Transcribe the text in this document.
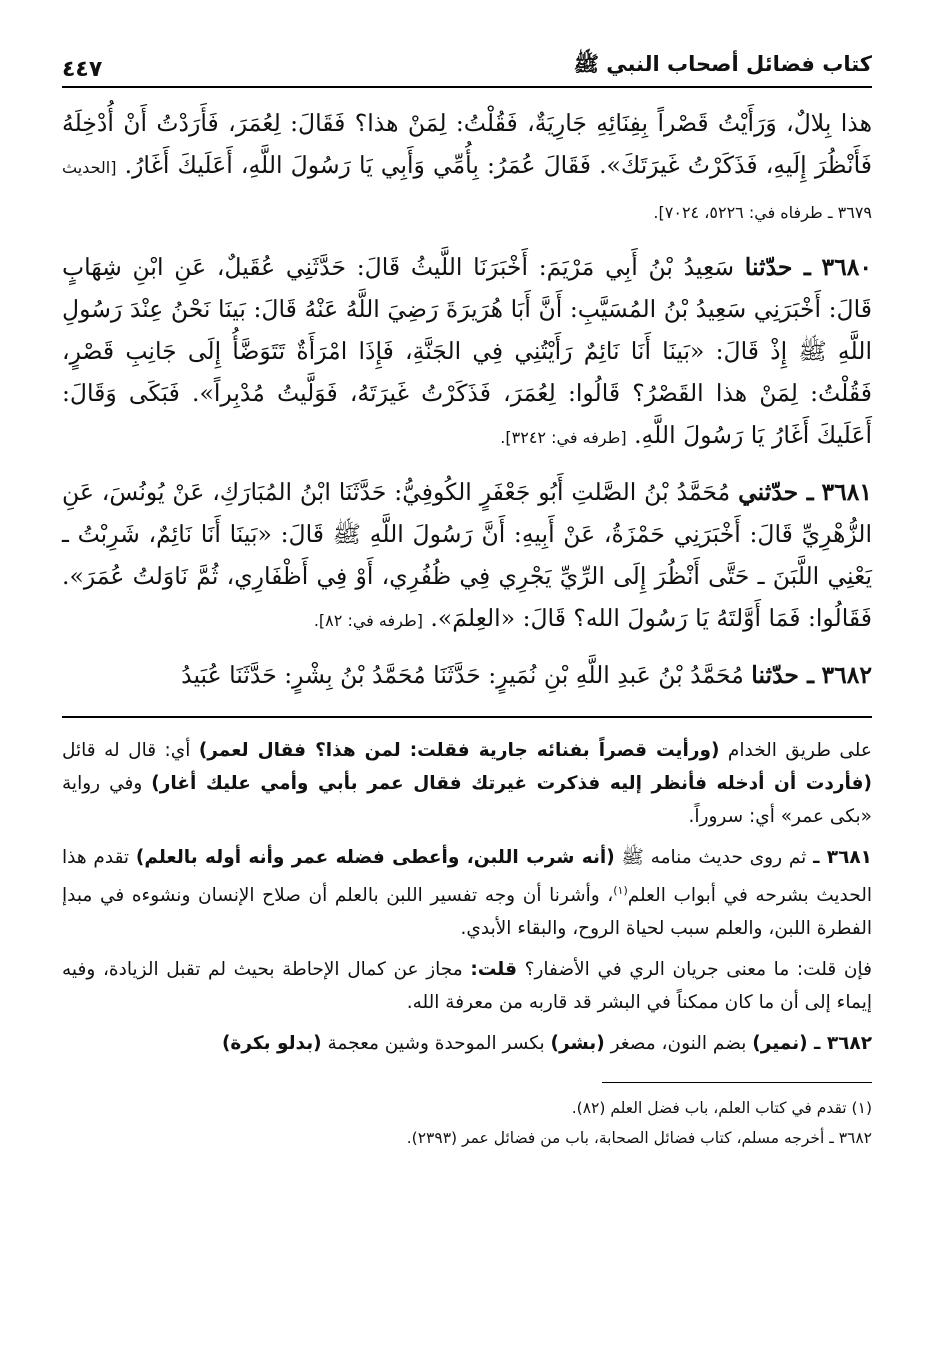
كتاب فضائل أصحاب النبي ﷺ
٤٤٧

هذا بِلالٌ، وَرَأَيْتُ قَصْراً بِفِنَائِهِ جَارِيَةٌ، فَقُلْتُ: لِمَنْ هذا؟ فَقَالَ: لِعُمَرَ، فَأَرَدْتُ أَنْ أُدْخِلَهُ فَأَنْظُرَ إِلَيهِ، فَذَكَرْتُ غَيرَتَكَ». فَقَالَ عُمَرُ: بِأُمِّي وَأَبِي يَا رَسُولَ اللَّهِ، أَعَلَيكَ أَغَارُ. [الحديث ٣٦٧٩ ـ طرفاه في: ٥٢٢٦، ٧٠٢٤].

٣٦٨٠ ـ حدّثنا سَعِيدُ بْنُ أَبِي مَرْيَمَ: أَخْبَرَنَا اللَّيثُ قَالَ: حَدَّثَنِي عُقَيلٌ، عَنِ ابْنِ شِهَابٍ قَالَ: أَخْبَرَنِي سَعِيدُ بْنُ المُسَيَّبِ: أَنَّ أَبَا هُرَيرَةَ رَضِيَ اللَّهُ عَنْهُ قَالَ: بَينَا نَحْنُ عِنْدَ رَسُولِ اللَّهِ ﷺ إِذْ قَالَ: «بَينَا أَنَا نَائِمٌ رَأَيْتُنِي فِي الجَنَّةِ، فَإِذَا امْرَأَةٌ تَتَوَضَّأُ إِلَى جَانِبِ قَصْرٍ، فَقُلْتُ: لِمَنْ هذا القَصْرُ؟ قَالُوا: لِعُمَرَ، فَذَكَرْتُ غَيرَتَهُ، فَوَلَّيتُ مُدْبِراً». فَبَكَى وَقَالَ: أَعَلَيكَ أَغَارُ يَا رَسُولَ اللَّهِ. [طرفه في: ٣٢٤٢].

٣٦٨١ ـ حدّثني مُحَمَّدُ بْنُ الصَّلتِ أَبُو جَعْفَرٍ الكُوفِيُّ: حَدَّثَنَا ابْنُ المُبَارَكِ، عَنْ يُونُسَ، عَنِ الزُّهْرِيِّ قَالَ: أَخْبَرَنِي حَمْزَةُ، عَنْ أَبِيهِ: أَنَّ رَسُولَ اللَّهِ ﷺ قَالَ: «بَينَا أَنَا نَائِمٌ، شَرِبْتُ ـ يَعْنِي اللَّبَنَ ـ حَتَّى أَنْظُرَ إِلَى الرِّيِّ يَجْرِي فِي ظُفُرِي، أَوْ فِي أَظْفَارِي، ثُمَّ نَاوَلتُ عُمَرَ». فَقَالُوا: فَمَا أَوَّلتَهُ يَا رَسُولَ الله؟ قَالَ: «العِلمَ». [طرفه في: ٨٢].

٣٦٨٢ ـ حدّثنا مُحَمَّدُ بْنُ عَبدِ اللَّهِ بْنِ نُمَيرٍ: حَدَّثَنَا مُحَمَّدُ بْنُ بِشْرٍ: حَدَّثَنَا عُبَيدُ

على طريق الخدام (ورأيت قصراً بفنائه جارية فقلت: لمن هذا؟ فقال لعمر) أي: قال له قائل (فأردت أن أدخله فأنظر إليه فذكرت غيرتك فقال عمر بأبي وأمي عليك أغار) وفي رواية «بكى عمر» أي: سروراً.

٣٦٨١ ـ ثم روى حديث منامه ﷺ (أنه شرب اللبن، وأعطى فضله عمر وأنه أوله بالعلم) تقدم هذا الحديث بشرحه في أبواب العلم$^{(١)}$، وأشرنا أن وجه تفسير اللبن بالعلم أن صلاح الإنسان ونشوءه في مبدإ الفطرة اللبن، والعلم سبب لحياة الروح، والبقاء الأبدي.

فإن قلت: ما معنى جريان الري في الأضفار؟ قلت: مجاز عن كمال الإحاطة بحيث لم تقبل الزيادة، وفيه إيماء إلى أن ما كان ممكناً في البشر قد قاربه من معرفة الله.

٣٦٨٢ ـ (نمير) بضم النون، مصغر (بشر) بكسر الموحدة وشين معجمة (بدلو بكرة)

(١) تقدم في كتاب العلم، باب فضل العلم (٨٢).

٣٦٨٢ ـ أخرجه مسلم، كتاب فضائل الصحابة، باب من فضائل عمر (٢٣٩٣).
